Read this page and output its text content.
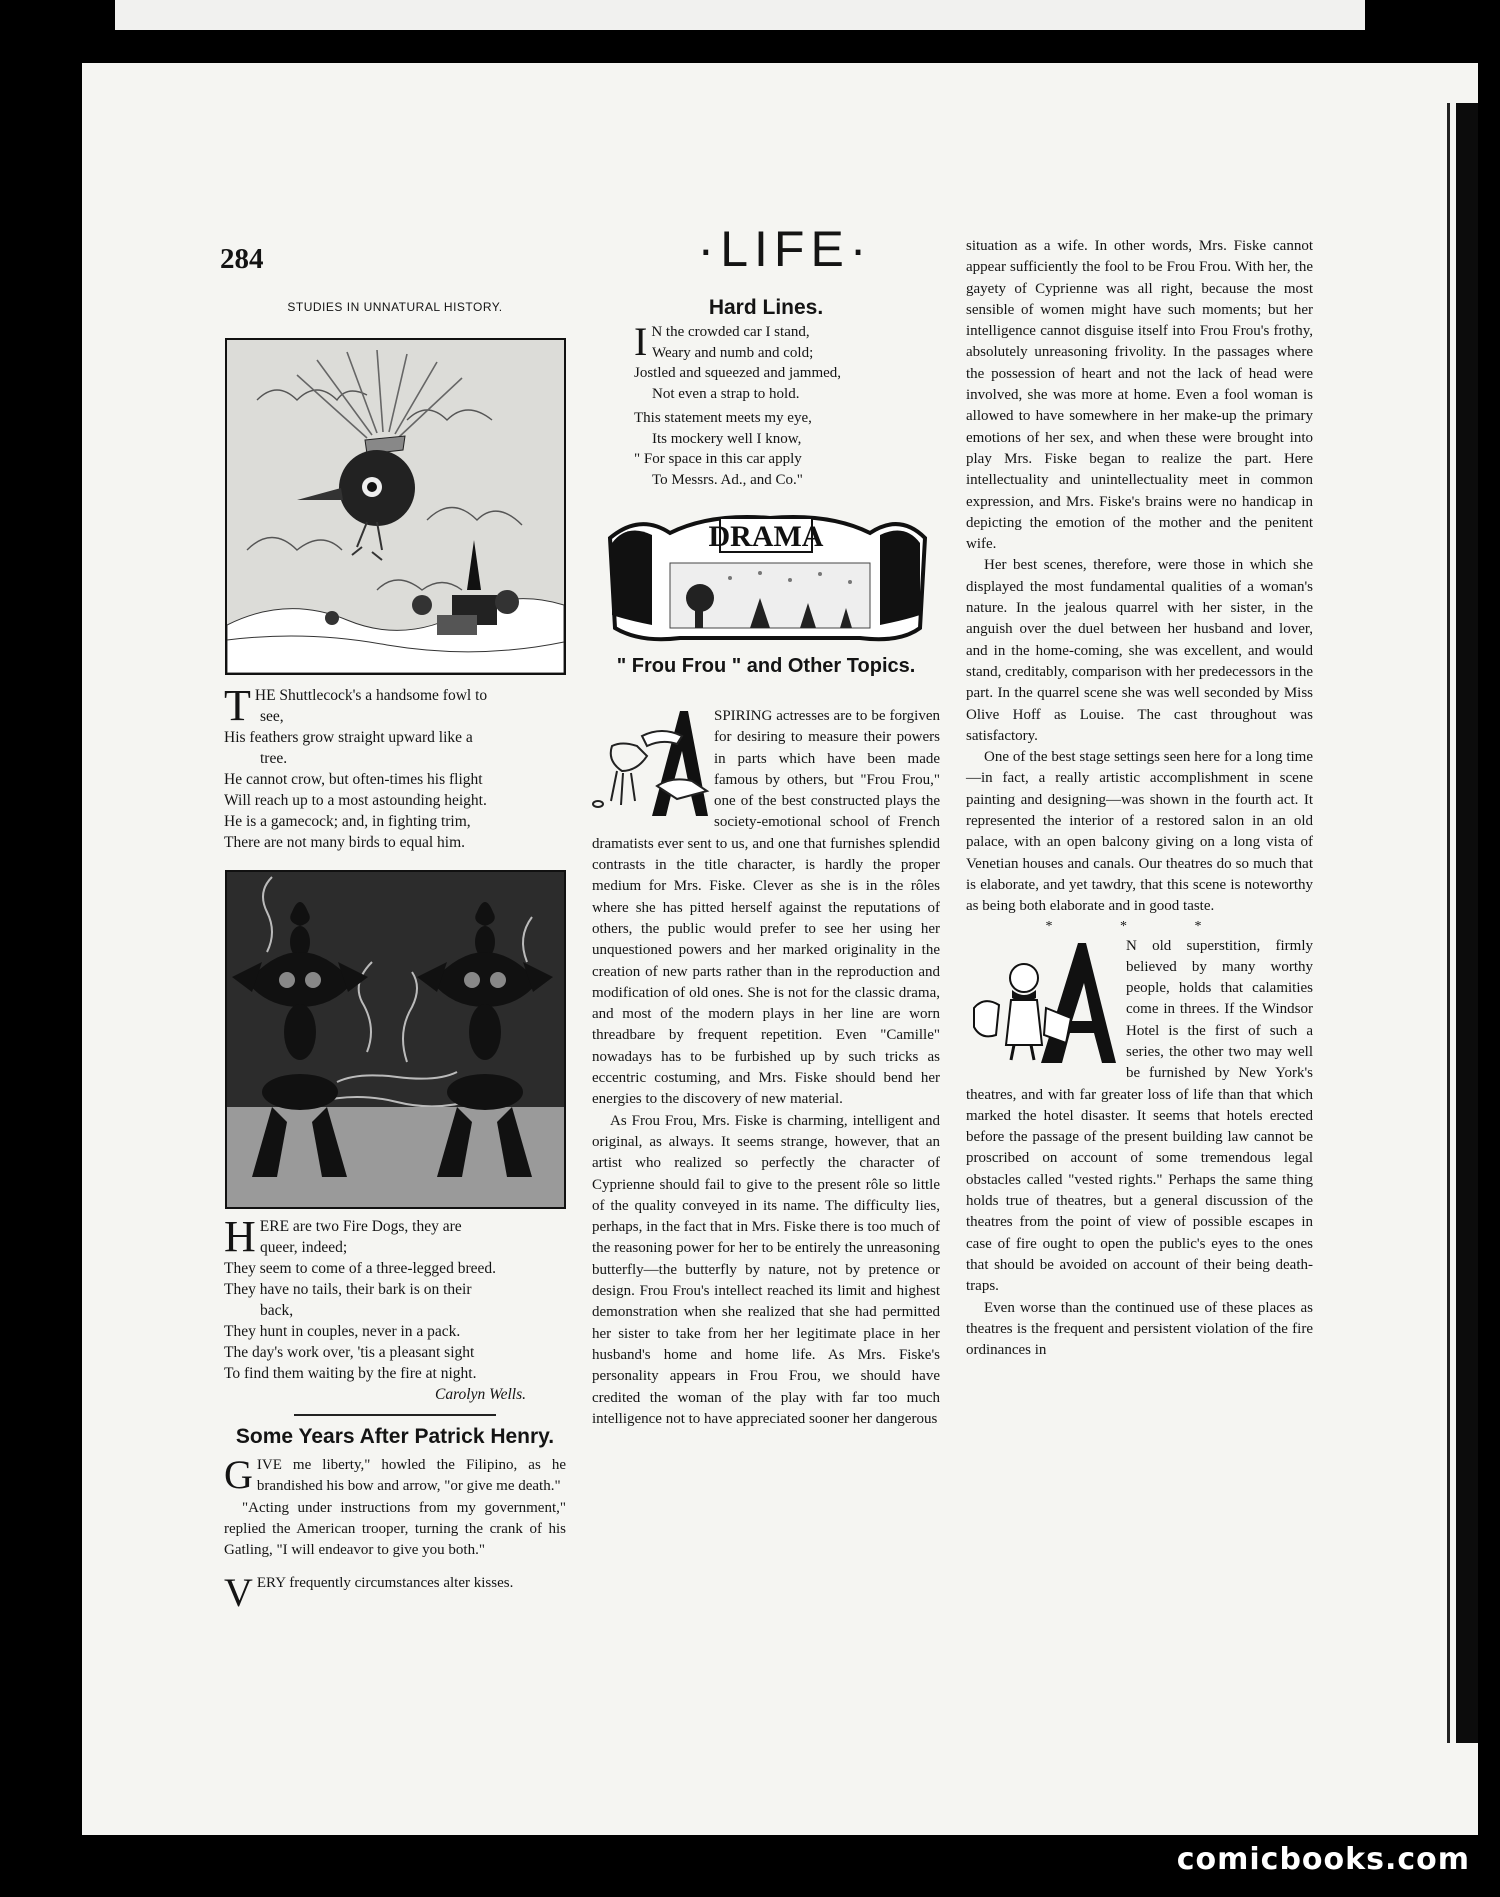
284	·LIFE·
STUDIES IN UNNATURAL HISTORY.
T HE Shuttlecock's a handsome fowl to
see,
His feathers grow straight upward like a
tree.
He cannot crow, but often-times his flight
Will reach up to a most astounding height.
He is a gamecock; and, in fighting trim,
There are not many birds to equal him.
H ERE are two Fire Dogs, they are
queer, indeed;
They seem to come of a three-legged breed.
They have no tails, their bark is on their
back,
They hunt in couples, never in a pack.
The day's work over, 'tis a pleasant sight
To find them waiting by the fire at night.
Carolyn Wells.
Some Years After Patrick Henry.

GIVE me liberty," howled the Filipino, as he brandished his bow and arrow, "or give me death."

"Acting under instructions from my government," replied the American trooper, turning the crank of his Gatling, "I will endeavor to give you both."

VERY frequently circumstances alter kisses.

Hard Lines.
I N the crowded car I stand,
Weary and numb and cold;
Jostled and squeezed and jammed,
Not even a strap to hold.
This statement meets my eye,
Its mockery well I know,
" For space in this car apply
To Messrs. Ad., and Co."
DRAMA
" Frou Frou " and Other Topics.

SPIRING actresses are to be forgiven for desiring to measure their powers in parts which have been made famous by others, but "Frou Frou," one of the best constructed plays the society-emotional school of French dramatists ever sent to us, and one that furnishes splendid contrasts in the title character, is hardly the proper medium for Mrs. Fiske. Clever as she is in the rôles where she has pitted herself against the reputations of others, the public would prefer to see her using her unquestioned powers and her marked originality in the creation of new parts rather than in the reproduction and modification of old ones. She is not for the classic drama, and most of the modern plays in her line are worn threadbare by frequent repetition. Even "Camille" nowadays has to be furbished up by such tricks as eccentric costuming, and Mrs. Fiske should bend her energies to the discovery of new material.

As Frou Frou, Mrs. Fiske is charming, intelligent and original, as always. It seems strange, however, that an artist who realized so perfectly the character of Cyprienne should fail to give to the present rôle so little of the quality conveyed in its name. The difficulty lies, perhaps, in the fact that in Mrs. Fiske there is too much of the reasoning power for her to be entirely the unreasoning butterfly—the butterfly by nature, not by pretence or design. Frou Frou's intellect reached its limit and highest demonstration when she realized that she had permitted her sister to take from her her legitimate place in her husband's home and home life. As Mrs. Fiske's personality appears in Frou Frou, we should have credited the woman of the play with far too much intelligence not to have appreciated sooner her dangerous

situation as a wife. In other words, Mrs. Fiske cannot appear sufficiently the fool to be Frou Frou. With her, the gayety of Cyprienne was all right, because the most sensible of women might have such moments; but her intelligence cannot disguise itself into Frou Frou's frothy, absolutely unreasoning frivolity. In the passages where the possession of heart and not the lack of head were involved, she was more at home. Even a fool woman is allowed to have somewhere in her make-up the primary emotions of her sex, and when these were brought into play Mrs. Fiske began to realize the part. Here intellectuality and unintellectuality meet in common expression, and Mrs. Fiske's brains were no handicap in depicting the emotion of the mother and the penitent wife.

Her best scenes, therefore, were those in which she displayed the most fundamental qualities of a woman's nature. In the jealous quarrel with her sister, in the anguish over the duel between her husband and lover, and in the home-coming, she was excellent, and would stand, creditably, comparison with her predecessors in the part. In the quarrel scene she was well seconded by Miss Olive Hoff as Louise. The cast throughout was satisfactory.

One of the best stage settings seen here for a long time—in fact, a really artistic accomplishment in scene painting and designing—was shown in the fourth act. It represented the interior of a restored salon in an old palace, with an open balcony giving on a long vista of Venetian houses and canals. Our theatres do so much that is elaborate, and yet tawdry, that this scene is noteworthy as being both elaborate and in good taste.

* * *

N old superstition, firmly believed by many worthy people, holds that calamities come in threes. If the Windsor Hotel is the first of such a series, the other two may well be furnished by New York's theatres, and with far greater loss of life than that which marked the hotel disaster. It seems that hotels erected before the passage of the present building law cannot be proscribed on account of some tremendous legal obstacles called "vested rights." Perhaps the same thing holds true of theatres, but a general discussion of the theatres from the point of view of possible escapes in case of fire ought to open the public's eyes to the ones that should be avoided on account of their being death-traps.

Even worse than the continued use of these places as theatres is the frequent and persistent violation of the fire ordinances in

comicbooks.com
